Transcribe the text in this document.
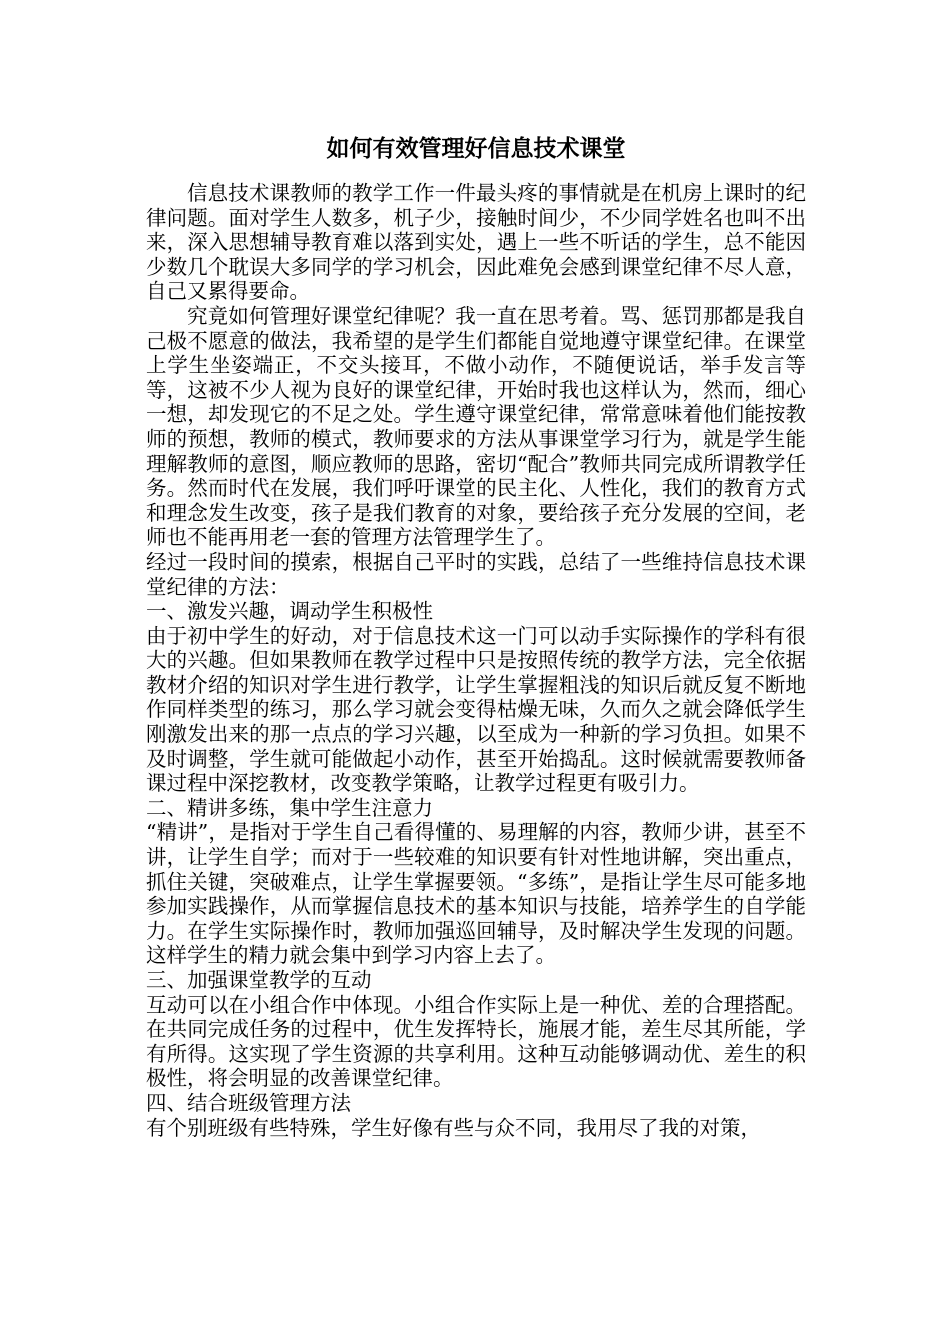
如何有效管理好信息技术课堂

信息技术课教师的教学工作一件最头疼的事情就是在机房上课时的纪律问题。面对学生人数多，机子少，接触时间少，不少同学姓名也叫不出来，深入思想辅导教育难以落到实处，遇上一些不听话的学生，总不能因少数几个耽误大多同学的学习机会，因此难免会感到课堂纪律不尽人意，自己又累得要命。

究竟如何管理好课堂纪律呢？我一直在思考着。骂、惩罚那都是我自己极不愿意的做法，我希望的是学生们都能自觉地遵守课堂纪律。在课堂上学生坐姿端正，不交头接耳，不做小动作，不随便说话，举手发言等等，这被不少人视为良好的课堂纪律，开始时我也这样认为，然而，细心一想，却发现它的不足之处。学生遵守课堂纪律，常常意味着他们能按教师的预想，教师的模式，教师要求的方法从事课堂学习行为，就是学生能理解教师的意图，顺应教师的思路，密切“配合”教师共同完成所谓教学任务。然而时代在发展，我们呼吁课堂的民主化、人性化，我们的教育方式和理念发生改变，孩子是我们教育的对象，要给孩子充分发展的空间，老师也不能再用老一套的管理方法管理学生了。

经过一段时间的摸索，根据自己平时的实践，总结了一些维持信息技术课堂纪律的方法：

一、激发兴趣，调动学生积极性

由于初中学生的好动，对于信息技术这一门可以动手实际操作的学科有很大的兴趣。但如果教师在教学过程中只是按照传统的教学方法，完全依据教材介绍的知识对学生进行教学，让学生掌握粗浅的知识后就反复不断地作同样类型的练习，那么学习就会变得枯燥无味，久而久之就会降低学生刚激发出来的那一点点的学习兴趣，以至成为一种新的学习负担。如果不及时调整，学生就可能做起小动作，甚至开始捣乱。这时候就需要教师备课过程中深挖教材，改变教学策略，让教学过程更有吸引力。

二、精讲多练，集中学生注意力

“精讲”，是指对于学生自己看得懂的、易理解的内容，教师少讲，甚至不讲，让学生自学；而对于一些较难的知识要有针对性地讲解，突出重点，抓住关键，突破难点，让学生掌握要领。“多练”，是指让学生尽可能多地参加实践操作，从而掌握信息技术的基本知识与技能，培养学生的自学能力。在学生实际操作时，教师加强巡回辅导，及时解决学生发现的问题。这样学生的精力就会集中到学习内容上去了。

三、加强课堂教学的互动

互动可以在小组合作中体现。小组合作实际上是一种优、差的合理搭配。在共同完成任务的过程中，优生发挥特长，施展才能，差生尽其所能，学有所得。这实现了学生资源的共享利用。这种互动能够调动优、差生的积极性，将会明显的改善课堂纪律。

四、结合班级管理方法

有个别班级有些特殊，学生好像有些与众不同，我用尽了我的对策，
